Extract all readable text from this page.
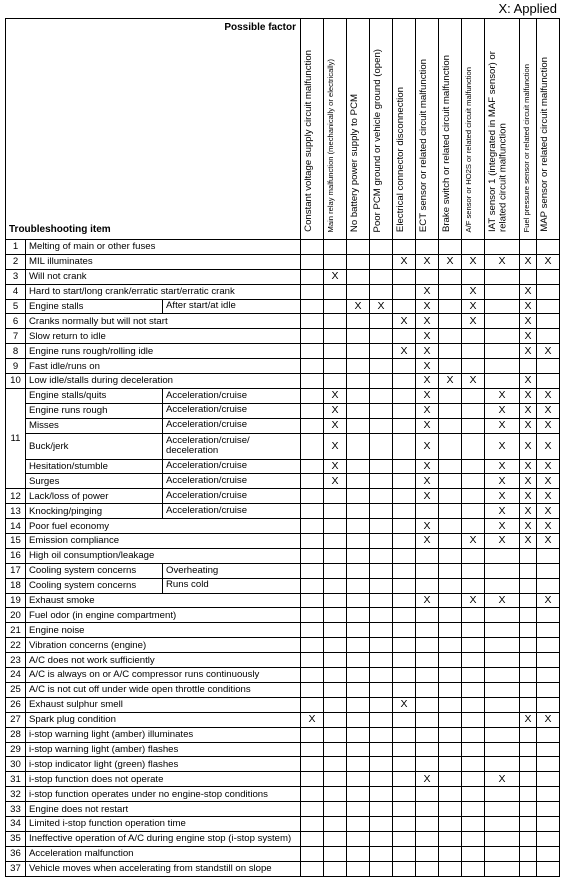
X: Applied
Possible factor
Troubleshooting item			Constant voltage supply circuit malfunction	Main relay malfunction (mechanically or electrically)	No battery power supply to PCM	Poor PCM ground or vehicle ground (open)	Electrical connector disconnection	ECT sensor or related circuit malfunction	Brake switch or related circuit malfunction	A/F sensor or HO2S or related circuit malfunction	IAT sensor 1 (integrated in MAF sensor) or related circuit malfunction	Fuel pressure sensor or related circuit malfunction	MAP sensor or related circuit malfunction
1	Melting of main or other fuses												
2	MIL illuminates						X	X	X	X	X	X	X
3	Will not crank			X									
4	Hard to start/long crank/erratic start/erratic crank							X		X		X	
5	Engine stalls	After start/at idle			X	X		X		X		X	
6	Cranks normally but will not start						X	X		X		X	
7	Slow return to idle							X				X	
8	Engine runs rough/rolling idle						X	X				X	X
9	Fast idle/runs on							X					
10	Low idle/stalls during deceleration							X	X	X		X	
11	Engine stalls/quits	Acceleration/cruise		X				X			X	X	X
	Engine runs rough	Acceleration/cruise		X				X			X	X	X
	Misses	Acceleration/cruise		X				X			X	X	X
	Buck/jerk	Acceleration/cruise/ deceleration		X				X			X	X	X
	Hesitation/stumble	Acceleration/cruise		X				X			X	X	X
	Surges	Acceleration/cruise		X				X			X	X	X
12	Lack/loss of power	Acceleration/cruise						X			X	X	X
13	Knocking/pinging	Acceleration/cruise									X	X	X
14	Poor fuel economy							X			X	X	X
15	Emission compliance							X		X	X	X	X
16	High oil consumption/leakage												
17	Cooling system concerns	Overheating											
18	Cooling system concerns	Runs cold											
19	Exhaust smoke							X		X	X		X
20	Fuel odor (in engine compartment)												
21	Engine noise												
22	Vibration concerns (engine)												
23	A/C does not work sufficiently												
24	A/C is always on or A/C compressor runs continuously												
25	A/C is not cut off under wide open throttle conditions												
26	Exhaust sulphur smell						X						
27	Spark plug condition		X									X	X
28	i-stop warning light (amber) illuminates												
29	i-stop warning light (amber) flashes												
30	i-stop indicator light (green) flashes												
31	i-stop function does not operate							X			X		
32	i-stop function operates under no engine-stop conditions												
33	Engine does not restart												
34	Limited i-stop function operation time												
35	Ineffective operation of A/C during engine stop (i-stop system)												
36	Acceleration malfunction												
37	Vehicle moves when accelerating from standstill on slope												
